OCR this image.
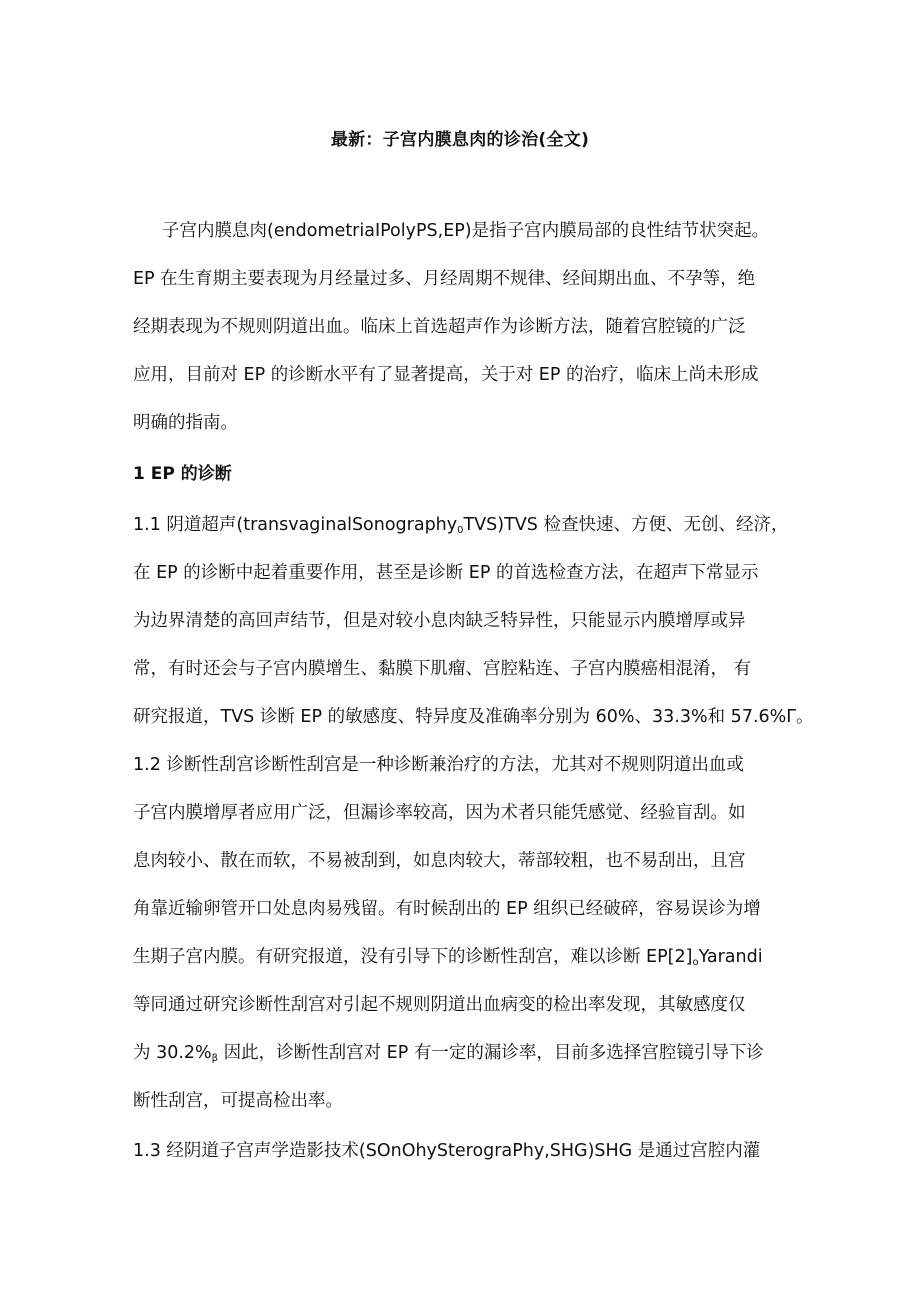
最新：子宫内膜息肉的诊治(全文)
子宫内膜息肉(endometriaIPolyPS,EP)是指子宫内膜局部的良性结节状突起。
EP 在生育期主要表现为月经量过多、月经周期不规律、经间期出血、不孕等，绝
经期表现为不规则阴道出血。临床上首选超声作为诊断方法，随着宫腔镜的广泛
应用，目前对 EP 的诊断水平有了显著提高，关于对 EP 的治疗，临床上尚未形成
明确的指南。
1 EP 的诊断
1.1 阴道超声(transvaginalSonography$_0$TVS)TVS 检查快速、方便、无创、经济，
在 EP 的诊断中起着重要作用，甚至是诊断 EP 的首选检查方法，在超声下常显示
为边界清楚的高回声结节，但是对较小息肉缺乏特异性，只能显示内膜增厚或异
常，有时还会与子宫内膜增生、黏膜下肌瘤、宫腔粘连、子宫内膜癌相混淆， 有
研究报道，TVS 诊断 EP 的敏感度、特异度及准确率分别为 60%、33.3%和 57.6%Γ。
1.2 诊断性刮宫诊断性刮宫是一种诊断兼治疗的方法，尤其对不规则阴道出血或
子宫内膜增厚者应用广泛，但漏诊率较高，因为术者只能凭感觉、经验盲刮。如
息肉较小、散在而软，不易被刮到，如息肉较大，蒂部较粗，也不易刮出，且宫
角靠近输卵管开口处息肉易残留。有时候刮出的 EP 组织已经破碎，容易误诊为增
生期子宫内膜。有研究报道，没有引导下的诊断性刮宫，难以诊断 $EP[2]_oYarandi$
等同通过研究诊断性刮宫对引起不规则阴道出血病变的检出率发现，其敏感度仅
为 $30.2\%_\beta$ 因此，诊断性刮宫对 EP 有一定的漏诊率，目前多选择宫腔镜引导下诊
断性刮宫，可提高检出率。
1.3 经阴道子宫声学造影技术(SOnOhySterograPhy,SHG)SHG 是通过宫腔内灌
